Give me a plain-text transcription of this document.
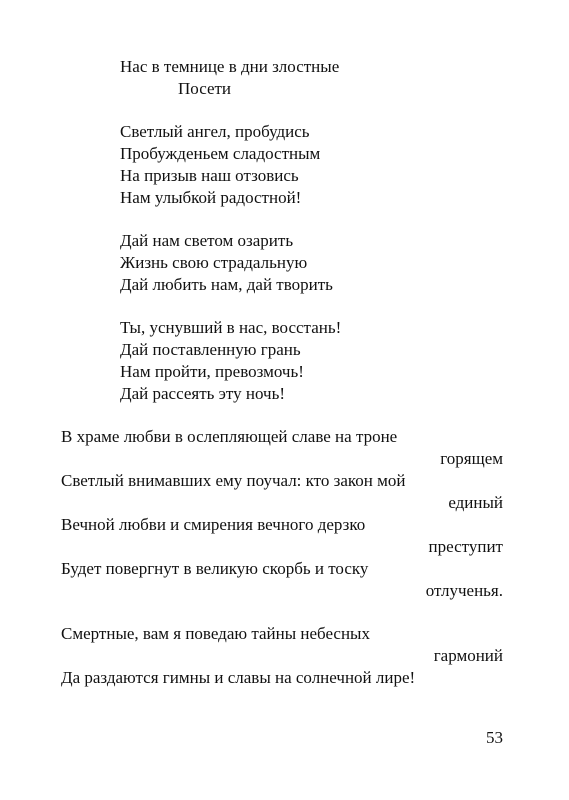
Нас в темнице в дни злостные
Посети
Светлый ангел, пробудись
Пробужденьем сладостным
На призыв наш отзовись
Нам улыбкой радостной!
Дай нам светом озарить
Жизнь свою страдальную
Дай любить нам, дай творить
Ты, уснувший в нас, восстань!
Дай поставленную грань
Нам пройти, превозмочь!
Дай рассеять эту ночь!
В храме любви в ослепляющей славе на троне
горящем
Светлый внимавших ему поучал: кто закон мой
единый
Вечной любви и смирения вечного дерзко
преступит
Будет повергнут в великую скорбь и тоску
отлученья.
Смертные, вам я поведаю тайны небесных
гармоний
Да раздаются гимны и славы на солнечной лире!
53
